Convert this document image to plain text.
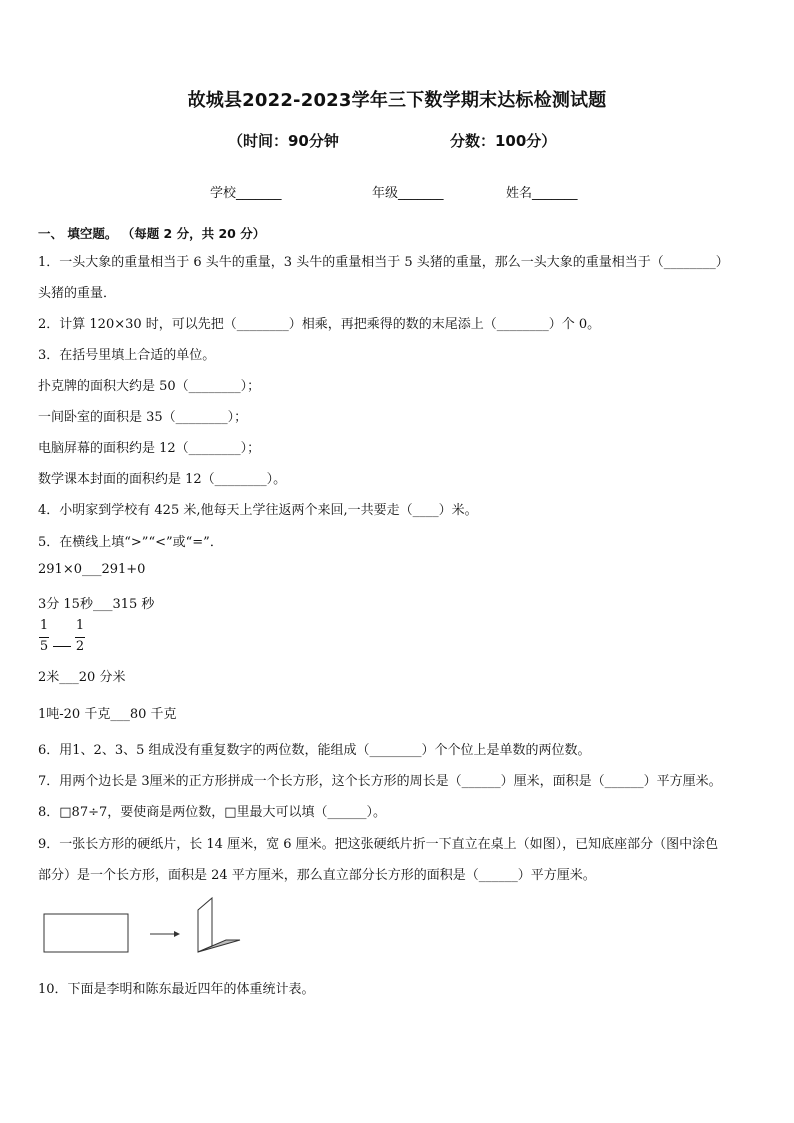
故城县2022-2023学年三下数学期末达标检测试题
（时间：90分钟	分数：100分）
学校_______	年级_______	姓名_______
一、 填空题。 （每题 2 分，共 20 分）
1．一头大象的重量相当于 6 头牛的重量，3 头牛的重量相当于 5 头猪的重量，那么一头大象的重量相当于（________）
头猪的重量．
2．计算 120×30 时，可以先把（________）相乘，再把乘得的数的末尾添上（________）个 0。
3．在括号里填上合适的单位。
扑克牌的面积大约是 50（________）；
一间卧室的面积是 35（________）；
电脑屏幕的面积约是 12（________）；
数学课本封面的面积约是 12（________）。
4．小明家到学校有 425 米,他每天上学往返两个来回,一共要走（____）米。
5．在横线上填“>”“<”或“=”．
291×0___291+0
3分 15秒___315 秒
1
5
1
2
2米___20 分米
1吨-20 千克___80 千克
6．用1、2、3、5 组成没有重复数字的两位数，能组成（________）个个位上是单数的两位数。
7．用两个边长是 3厘米的正方形拼成一个长方形，这个长方形的周长是（______）厘米，面积是（______）平方厘米。
8．□87÷7，要使商是两位数，□里最大可以填（______）。
9．一张长方形的硬纸片，长 14 厘米，宽 6 厘米。把这张硬纸片折一下直立在桌上（如图），已知底座部分（图中涂色
部分）是一个长方形，面积是 24 平方厘米，那么直立部分长方形的面积是（______）平方厘米。
10．下面是李明和陈东最近四年的体重统计表。
